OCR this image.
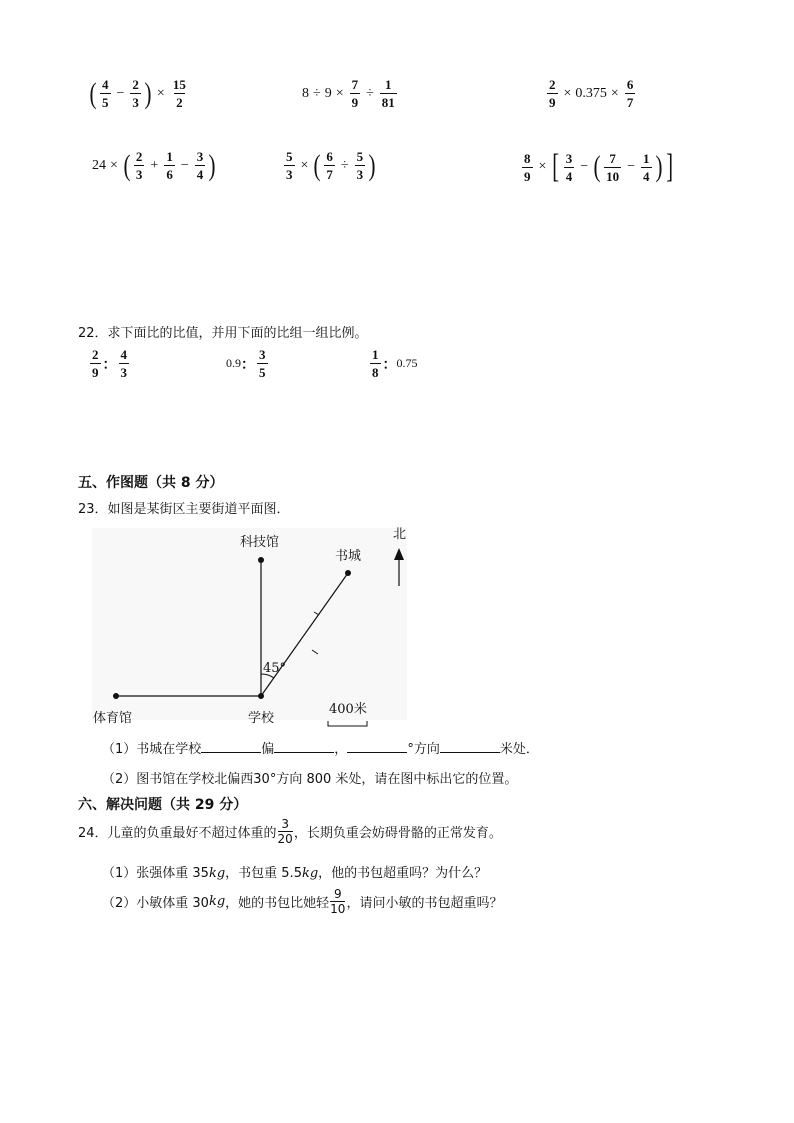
( $\frac{4}{5} - \frac{2}{3}$ ) × $\frac{15}{2}$	$8 \div 9 \times \frac{7}{9} \div \frac{1}{81}$	$\frac{2}{9} \times 0.375 \times \frac{6}{7}$
24 × ( $\frac{2}{3} + \frac{1}{6} - \frac{3}{4}$ )	$\frac{5}{3}$ × ( $\frac{6}{7} \div \frac{5}{3}$ )	$\frac{8}{9}$ × [ $\frac{3}{4}$ − ( $\frac{7}{10} - \frac{1}{4}$ ) ]
22．求下面比的比值，并用下面的比组一组比例。
$\frac{2}{9}$ ： $\frac{4}{3}$	0.9 ： $\frac{3}{5}$	$\frac{1}{8}$ ： 0.75
五、作图题（共 8 分）
23．如图是某街区主要街道平面图．
科技馆
书城
北
45°
体育馆	学校
400米
（1）书城在学校	偏	，	°方向	米处．
（2）图书馆在学校北偏西30°方向 800 米处，请在图中标出它的位置。
六、解决问题（共 29 分）
24．儿童的负重最好不超过体重的
3
20 ，长期负重会妨碍骨骼的正常发育。
（1）张强体重 35kg，书包重 5.5kg，他的书包超重吗？为什么？
（2）小敏体重 30 kg ，她的书包比她轻
9
10 ，请问小敏的书包超重吗？
